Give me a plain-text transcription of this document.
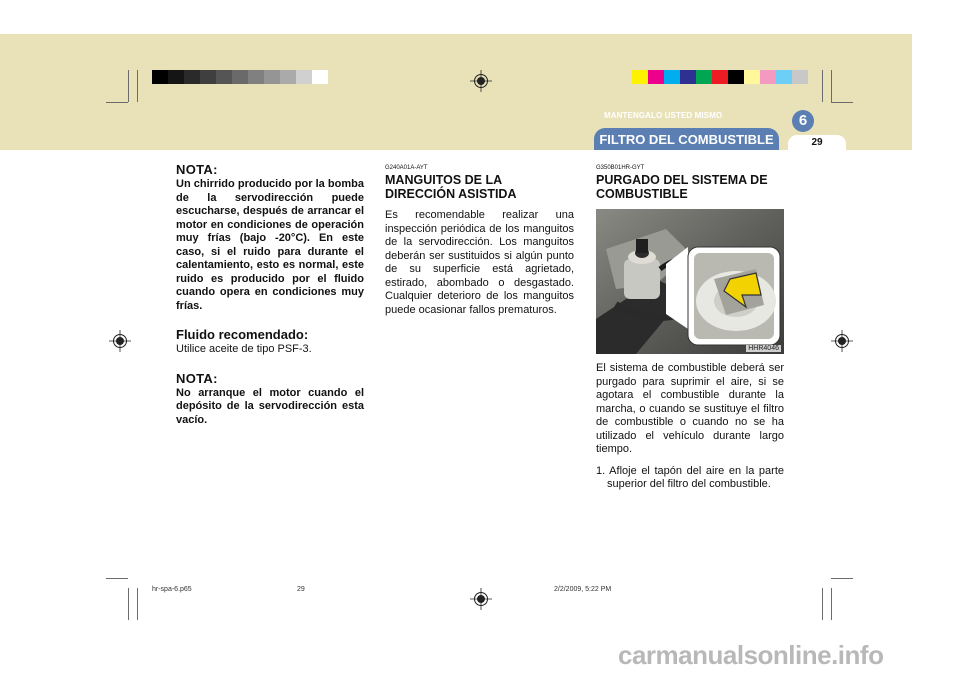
MANTENGALO USTED MISMO	6
FILTRO DEL COMBUSTIBLE	29

NOTA:

Un chirrido producido por la bomba de la servodirección puede escucharse, después de arrancar el motor en condiciones de operación muy frías (bajo -20°C). En este caso, si el ruido para durante el calentamiento, esto es normal, este ruido es producido por el fluido cuando opera en condiciones muy frías.

Fluido recomendado:

Utilice aceite de tipo PSF-3.

NOTA:

No arranque el motor cuando el depósito de la servodirección esta vacío.

G240A01A-AYT

MANGUITOS DE LA DIRECCIÓN ASISTIDA

Es recomendable realizar una inspección periódica de los manguitos de la servodirección. Los manguitos deberán ser sustituidos si algún punto de su superficie está agrietado, estirado, abombado o desgastado. Cualquier deterioro de los manguitos puede ocasionar fallos prematuros.

G350B01HR-GYT

PURGADO DEL SISTEMA DE COMBUSTIBLE

HHR4046

El sistema de combustible deberá ser purgado para suprimir el aire, si se agotara el combustible durante la marcha, o cuando se sustituye el filtro de combustible o cuando no se ha utilizado el vehículo durante largo tiempo.

1. Afloje el tapón del aire en la parte superior del filtro del combustible.

hr-spa-6.p65	29	2/2/2009, 5:22 PM
carmanualsonline.info
